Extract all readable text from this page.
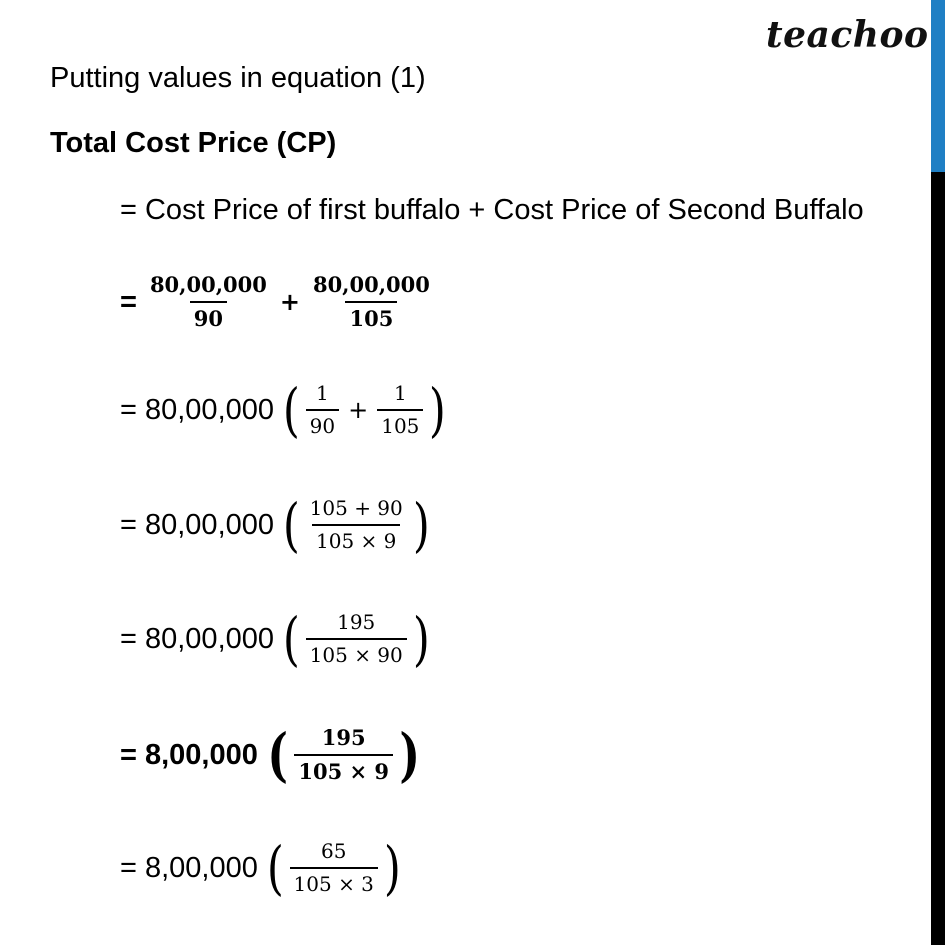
teachoo
Putting values in equation (1)
Total Cost Price (CP)
= Cost Price of first buffalo + Cost Price of Second Buffalo
= $\frac{80,00,000}{90} + \frac{80,00,000}{105}$
= 80,00,000 ( $\frac{1}{90} + \frac{1}{105}$ )
= 80,00,000 ( $\frac{105 + 90}{105 \times 9}$ )
= 80,00,000 ( $\frac{195}{105 \times 90}$ )
= 8,00,000 ( $\frac{195}{105 \times 9}$ )
= 8,00,000 ( $\frac{65}{105 \times 3}$ )
